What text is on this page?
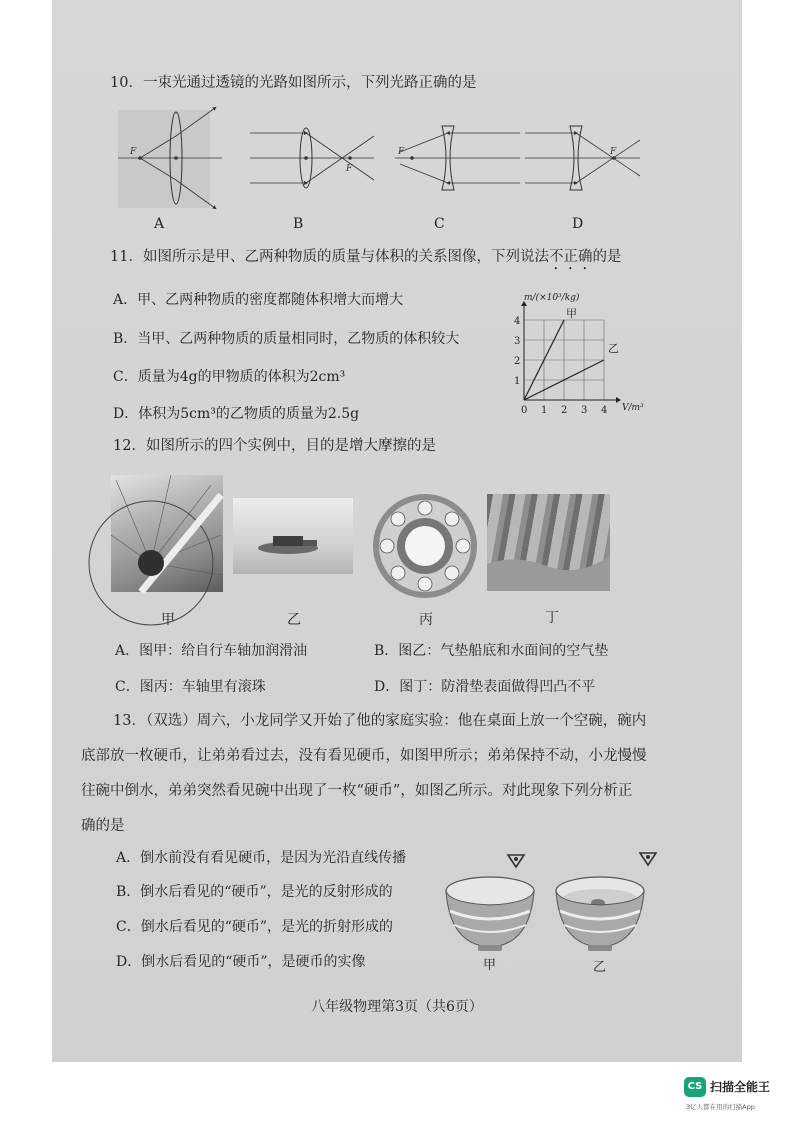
10．一束光通过透镜的光路如图所示，下列光路正确的是
F
A
F
B
F
C
F
D
11．如图所示是甲、乙两种物质的质量与体积的关系图像，下列说法不正确的是
A．甲、乙两种物质的密度都随体积增大而增大
B．当甲、乙两种物质的质量相同时，乙物质的体积较大
C．质量为4g的甲物质的体积为2cm³
D．体积为5cm³的乙物质的质量为2.5g	0 1 2 3 4
1
2
3
4
m/(×10³/kg)
V/m³
甲
乙
12．如图所示的四个实例中，目的是增大摩擦的是
甲	乙	丙	丁
A．图甲：给自行车轴加润滑油	B．图乙：气垫船底和水面间的空气垫
C．图丙：车轴里有滚珠	D．图丁：防滑垫表面做得凹凸不平
13．（双选）周六，小龙同学又开始了他的家庭实验：他在桌面上放一个空碗，碗内
底部放一枚硬币，让弟弟看过去，没有看见硬币，如图甲所示；弟弟保持不动，小龙慢慢
往碗中倒水，弟弟突然看见碗中出现了一枚“硬币”，如图乙所示。对此现象下列分析正
确的是
A．倒水前没有看见硬币，是因为光沿直线传播
B．倒水后看见的“硬币”，是光的反射形成的
C．倒水后看见的“硬币”，是光的折射形成的
D．倒水后看见的“硬币”，是硬币的实像	甲	乙
八年级物理第3页（共6页）
CS 扫描全能王
3亿人都在用的扫描App
